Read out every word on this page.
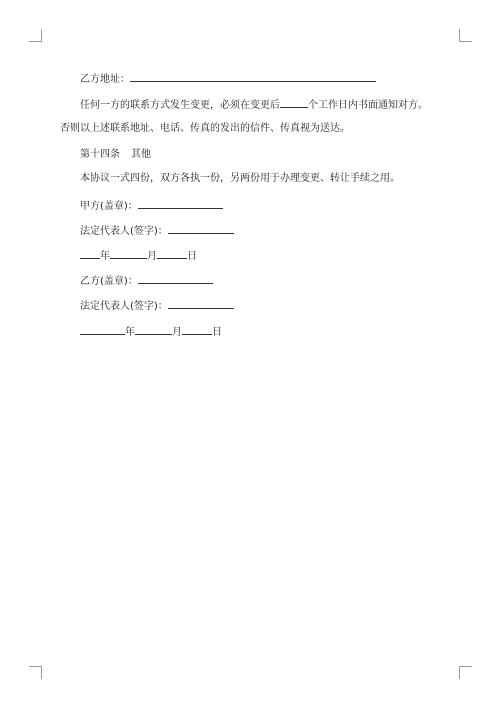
乙方地址：
任何一方的联系方式发生变更，必须在变更后	个工作日内书面通知对方。
否则以上述联系地址、电话、传真的发出的信件、传真视为送达。
第十四条 其他
本协议一式四份，双方各执一份，另两份用于办理变更、转让手续之用。
甲方(盖章)：
法定代表人(签字)：
年	月	日
乙方(盖章)：
法定代表人(签字)：
年	月	日
